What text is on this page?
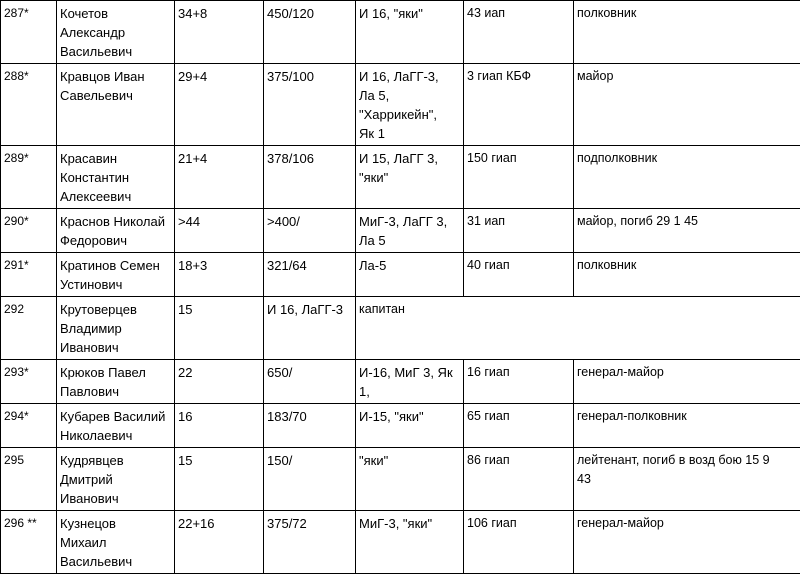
287*	Кочетов
Александр
Васильевич	34+8	450/120	И 16, "яки"	43 иап	полковник
288*	Кравцов Иван
Савельевич	29+4	375/100	И 16, ЛаГГ-3,
Ла 5,
"Харрикейн",
Як 1	3 гиап КБФ	майор
289*	Красавин
Константин
Алексеевич	21+4	378/106	И 15, ЛаГГ 3,
"яки"	150 гиап	подполковник
290*	Краснов Николай
Федорович	>44	>400/	МиГ-3, ЛаГГ 3,
Ла 5	31 иап	майор, погиб 29 1 45
291*	Кратинов Семен
Устинович	18+3	321/64	Ла-5	40 гиап	полковник
292	Крутоверцев
Владимир
Иванович	15	И 16, ЛаГГ-3	капитан		
293*	Крюков Павел
Павлович	22	650/	И-16, МиГ 3, Як
1,	16 гиап	генерал-майор
294*	Кубарев Василий
Николаевич	16	183/70	И-15, "яки"	65 гиап	генерал-полковник
295	Кудрявцев
Дмитрий
Иванович	15	150/	"яки"	86 гиап	лейтенант, погиб в возд бою 15 9
43
296 **	Кузнецов
Михаил
Васильевич	22+16	375/72	МиГ-3, "яки"	106 гиап	генерал-майор
